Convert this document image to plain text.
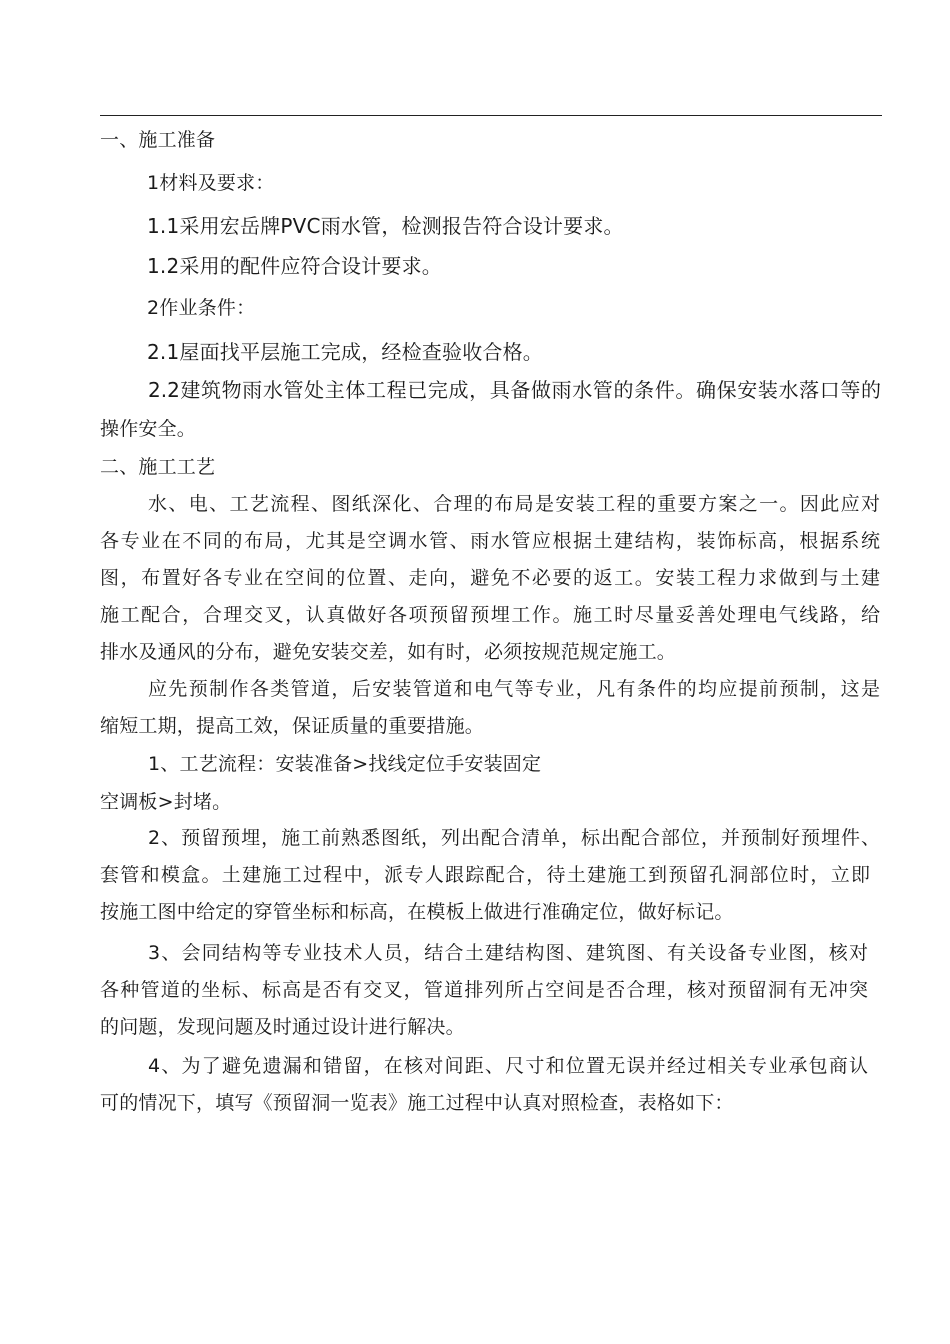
一、施工准备
1材料及要求：
1.1采用宏岳牌PVC雨水管，检测报告符合设计要求。
1.2采用的配件应符合设计要求。
2作业条件：
2.1屋面找平层施工完成，经检查验收合格。
2.2建筑物雨水管处主体工程已完成，具备做雨水管的条件。确保安装水落口等的
操作安全。
二、施工工艺
水、电、工艺流程、图纸深化、合理的布局是安装工程的重要方案之一。因此应对
各专业在不同的布局，尤其是空调水管、雨水管应根据土建结构，装饰标高，根据系统
图，布置好各专业在空间的位置、走向，避免不必要的返工。安装工程力求做到与土建
施工配合，合理交叉，认真做好各项预留预埋工作。施工时尽量妥善处理电气线路，给
排水及通风的分布，避免安装交差，如有时，必须按规范规定施工。
应先预制作各类管道，后安装管道和电气等专业，凡有条件的均应提前预制，这是
缩短工期，提高工效，保证质量的重要措施。
1、工艺流程：安装准备>找线定位手安装固定
空调板>封堵。
2、预留预埋，施工前熟悉图纸，列出配合清单，标出配合部位，并预制好预埋件、
套管和模盒。土建施工过程中，派专人跟踪配合，待土建施工到预留孔洞部位时，立即
按施工图中给定的穿管坐标和标高，在模板上做进行准确定位，做好标记。
3、会同结构等专业技术人员，结合土建结构图、建筑图、有关设备专业图，核对
各种管道的坐标、标高是否有交叉，管道排列所占空间是否合理，核对预留洞有无冲突
的问题，发现问题及时通过设计进行解决。
4、为了避免遗漏和错留，在核对间距、尺寸和位置无误并经过相关专业承包商认
可的情况下，填写《预留洞一览表》施工过程中认真对照检查，表格如下：
